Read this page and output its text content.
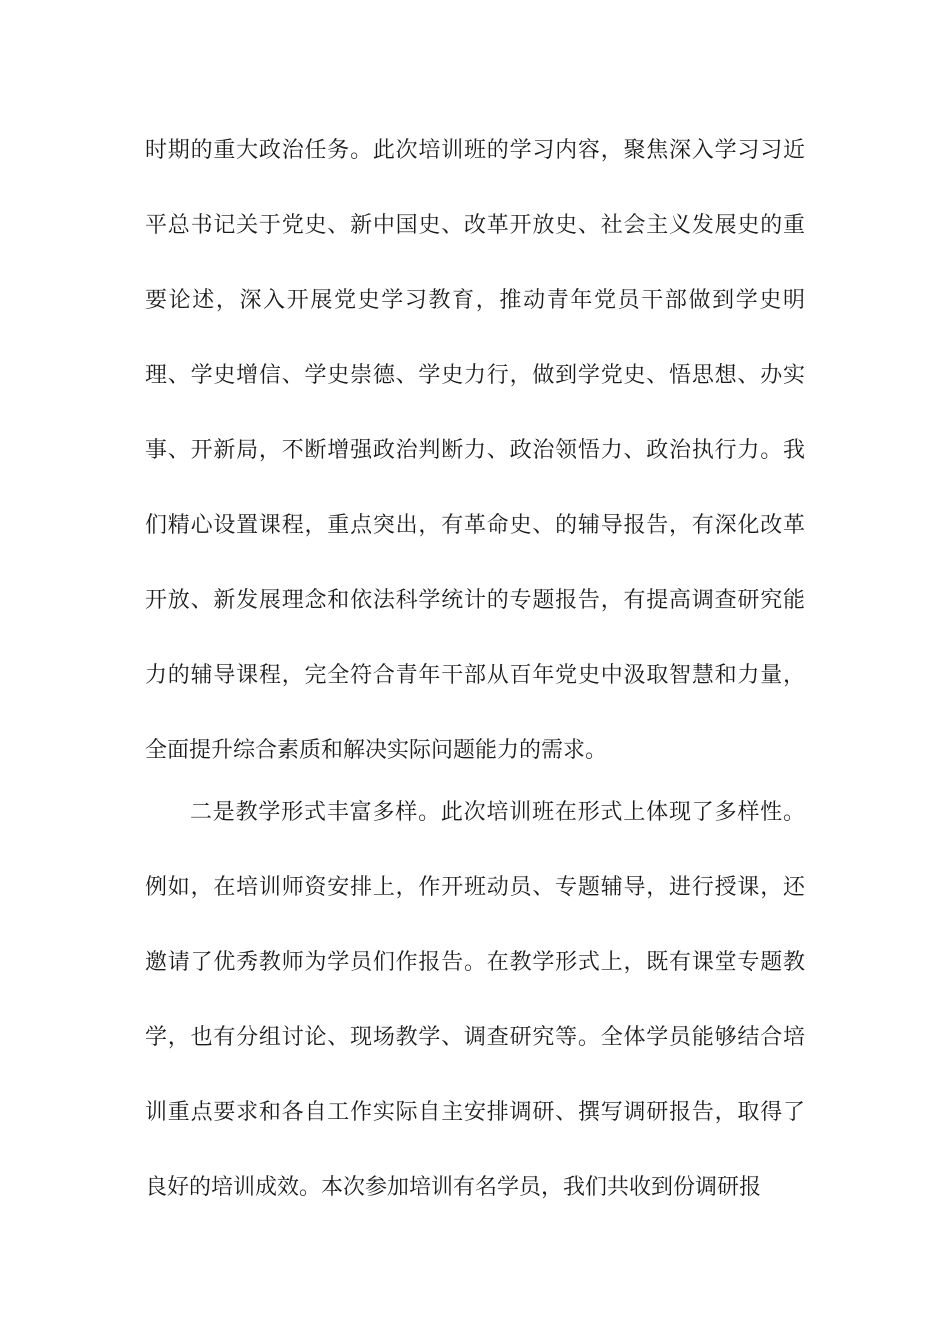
时期的重大政治任务。此次培训班的学习内容，聚焦深入学习习近
平总书记关于党史、新中国史、改革开放史、社会主义发展史的重
要论述，深入开展党史学习教育，推动青年党员干部做到学史明
理、学史增信、学史崇德、学史力行，做到学党史、悟思想、办实
事、开新局，不断增强政治判断力、政治领悟力、政治执行力。我
们精心设置课程，重点突出，有革命史、的辅导报告，有深化改革
开放、新发展理念和依法科学统计的专题报告，有提高调查研究能
力的辅导课程，完全符合青年干部从百年党史中汲取智慧和力量，
全面提升综合素质和解决实际问题能力的需求。
二是教学形式丰富多样。此次培训班在形式上体现了多样性。
例如，在培训师资安排上，作开班动员、专题辅导，进行授课，还
邀请了优秀教师为学员们作报告。在教学形式上，既有课堂专题教
学，也有分组讨论、现场教学、调查研究等。全体学员能够结合培
训重点要求和各自工作实际自主安排调研、撰写调研报告，取得了
良好的培训成效。本次参加培训有名学员，我们共收到份调研报
